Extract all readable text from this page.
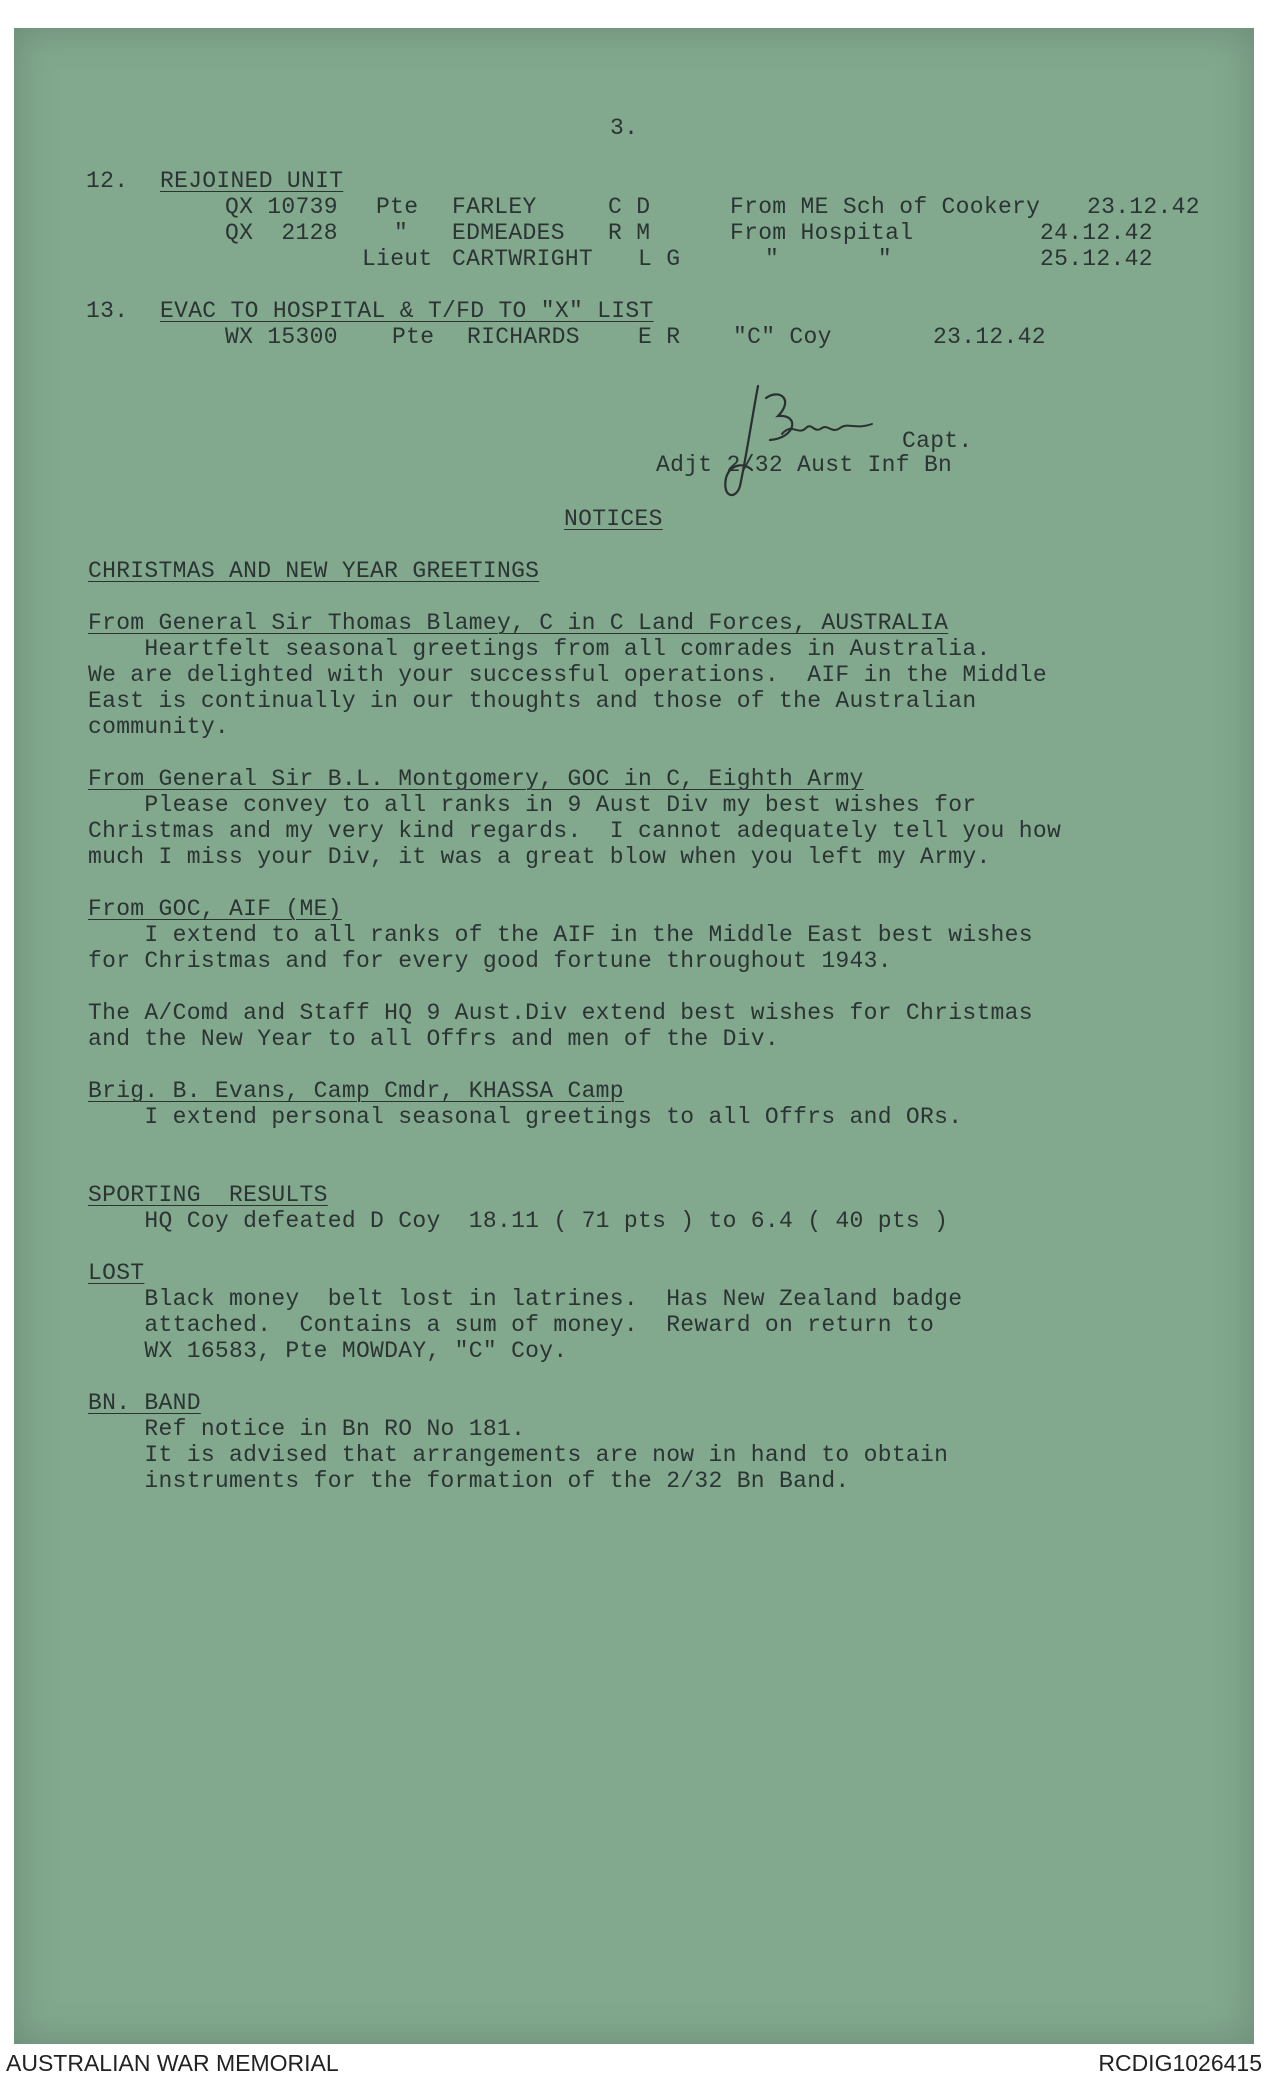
3.
12. REJOINED UNIT
QX 10739 Pte FARLEY	C D	From ME Sch of Cookery 23.12.42
QX  2128 " EDMEADES R M	From Hospital	24.12.42
Lieut CARTWRIGHT L G	"       "	25.12.42
13. EVAC TO HOSPITAL & T/FD TO "X" LIST
WX 15300 Pte RICHARDS	E R "C" Coy	23.12.42
Capt.
Adjt 2/32 Aust Inf Bn
NOTICES
CHRISTMAS AND NEW YEAR GREETINGS
From General Sir Thomas Blamey, C in C Land Forces, AUSTRALIA
Heartfelt seasonal greetings from all comrades in Australia.
We are delighted with your successful operations.  AIF in the Middle
East is continually in our thoughts and those of the Australian
community.
From General Sir B.L. Montgomery, GOC in C, Eighth Army
Please convey to all ranks in 9 Aust Div my best wishes for
Christmas and my very kind regards.  I cannot adequately tell you how
much I miss your Div, it was a great blow when you left my Army.
From GOC, AIF (ME)
I extend to all ranks of the AIF in the Middle East best wishes
for Christmas and for every good fortune throughout 1943.
The A/Comd and Staff HQ 9 Aust.Div extend best wishes for Christmas
and the New Year to all Offrs and men of the Div.
Brig. B. Evans, Camp Cmdr, KHASSA Camp
I extend personal seasonal greetings to all Offrs and ORs.
SPORTING  RESULTS
HQ Coy defeated D Coy  18.11 ( 71 pts ) to 6.4 ( 40 pts )
LOST
Black money  belt lost in latrines.  Has New Zealand badge
attached.  Contains a sum of money.  Reward on return to
WX 16583, Pte MOWDAY, "C" Coy.
BN. BAND
Ref notice in Bn RO No 181.
It is advised that arrangements are now in hand to obtain
instruments for the formation of the 2/32 Bn Band.
AUSTRALIAN WAR MEMORIAL	RCDIG1026415
